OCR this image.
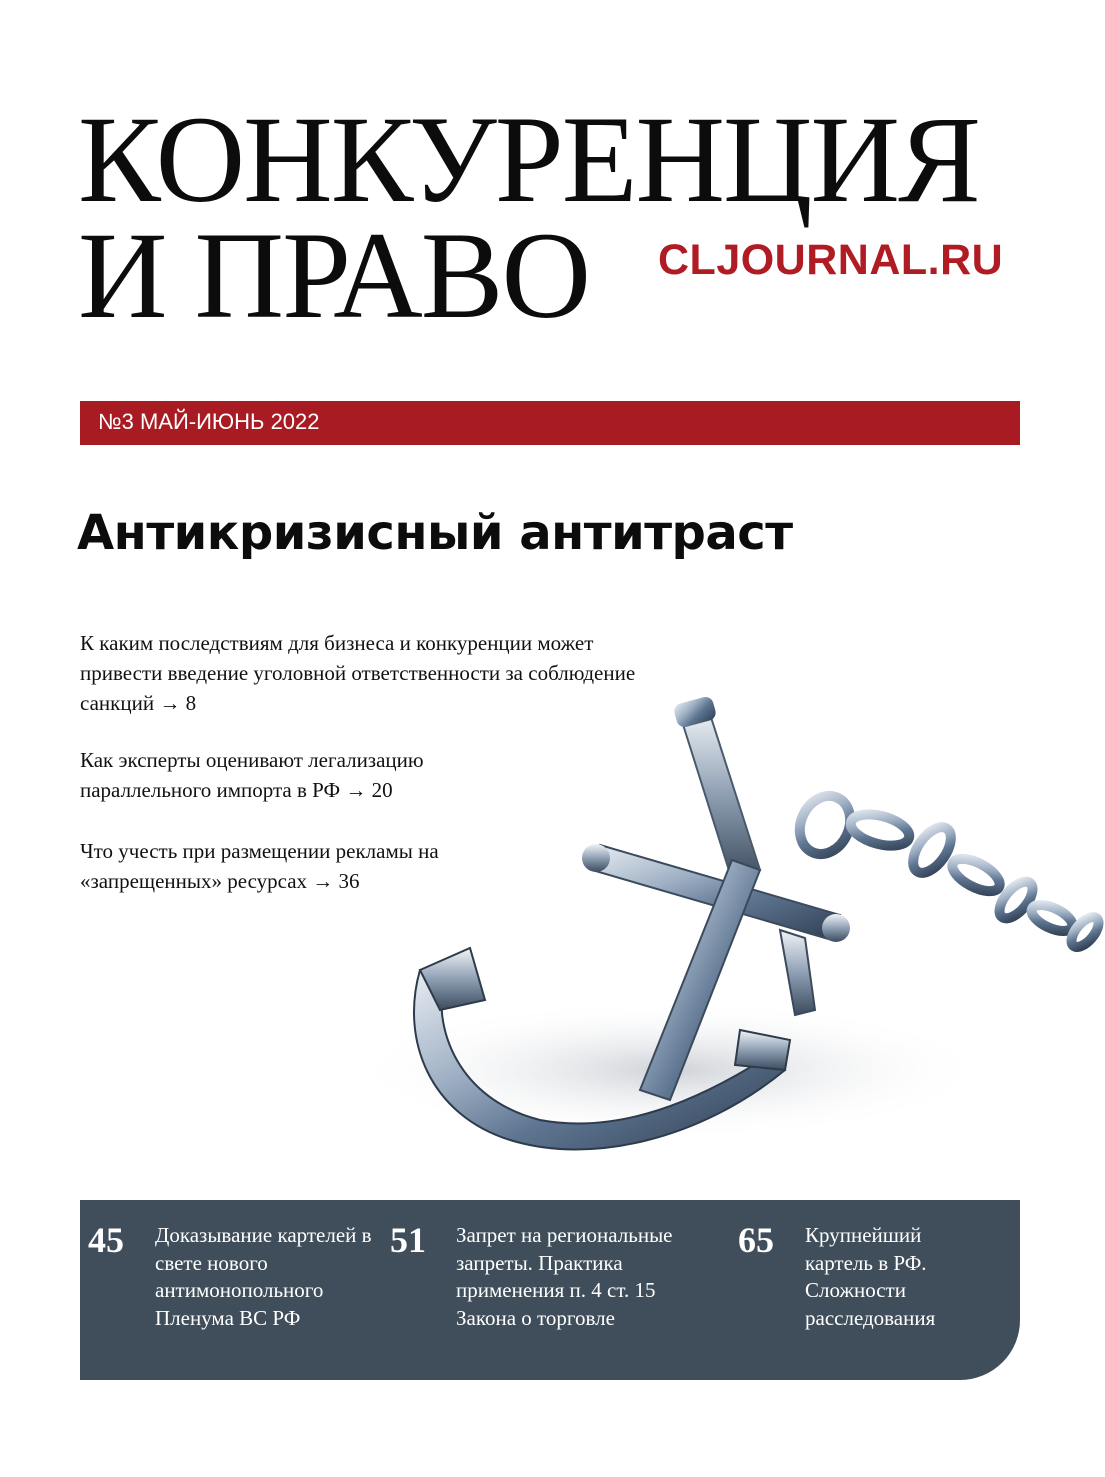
КОНКУРЕНЦИЯ
И ПРАВО	CLJOURNAL.RU
№3 МАЙ-ИЮНЬ 2022
Антикризисный антитраст
К каким последствиям для бизнеса и конкуренции может привести введение уголовной ответственности за соблюдение санкций → 8
Как эксперты оценивают легализацию параллельного импорта в РФ → 20
Что учесть при размещении рекламы на «запрещенных» ресурсах → 36
45 Доказывание картелей в свете нового антимонопольного Пленума ВС РФ
51 Запрет на региональные запреты. Практика применения п. 4 ст. 15 Закона о торговле
65 Крупнейший картель в РФ. Сложности расследования
